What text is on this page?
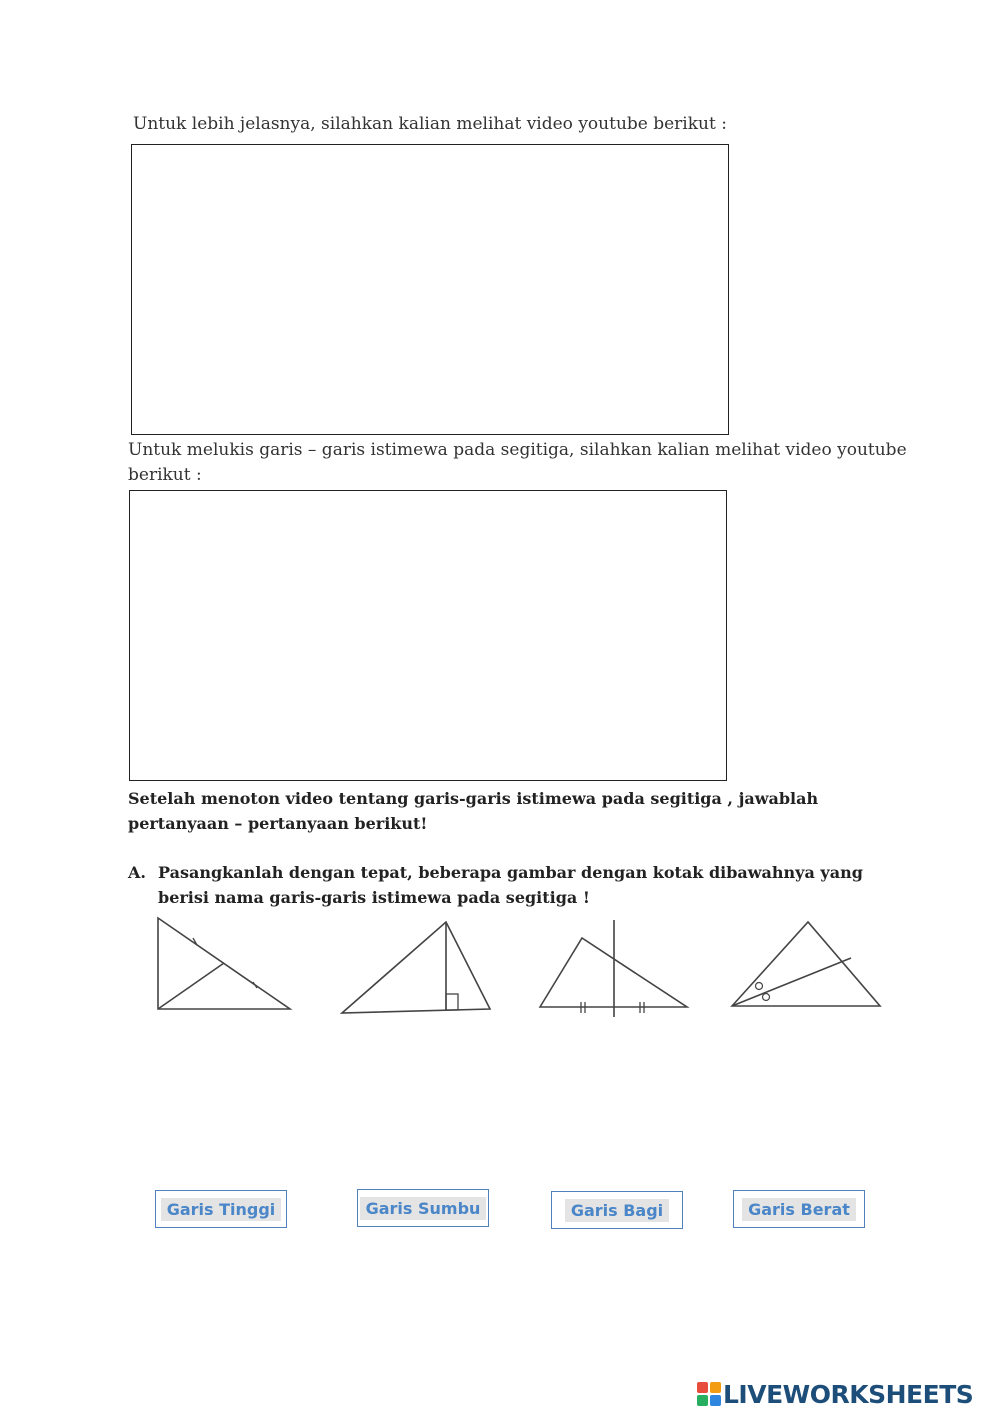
Untuk lebih jelasnya, silahkan kalian melihat video youtube berikut :
Untuk melukis garis – garis istimewa pada segitiga, silahkan kalian melihat video youtube berikut :
Setelah menoton video tentang garis-garis istimewa pada segitiga , jawablah pertanyaan – pertanyaan berikut!
A. Pasangkanlah dengan tepat, beberapa gambar dengan kotak dibawahnya yang berisi nama garis-garis istimewa pada segitiga !
Garis Tinggi	Garis Sumbu	Garis Bagi	Garis Berat
LIVEWORKSHEETS
